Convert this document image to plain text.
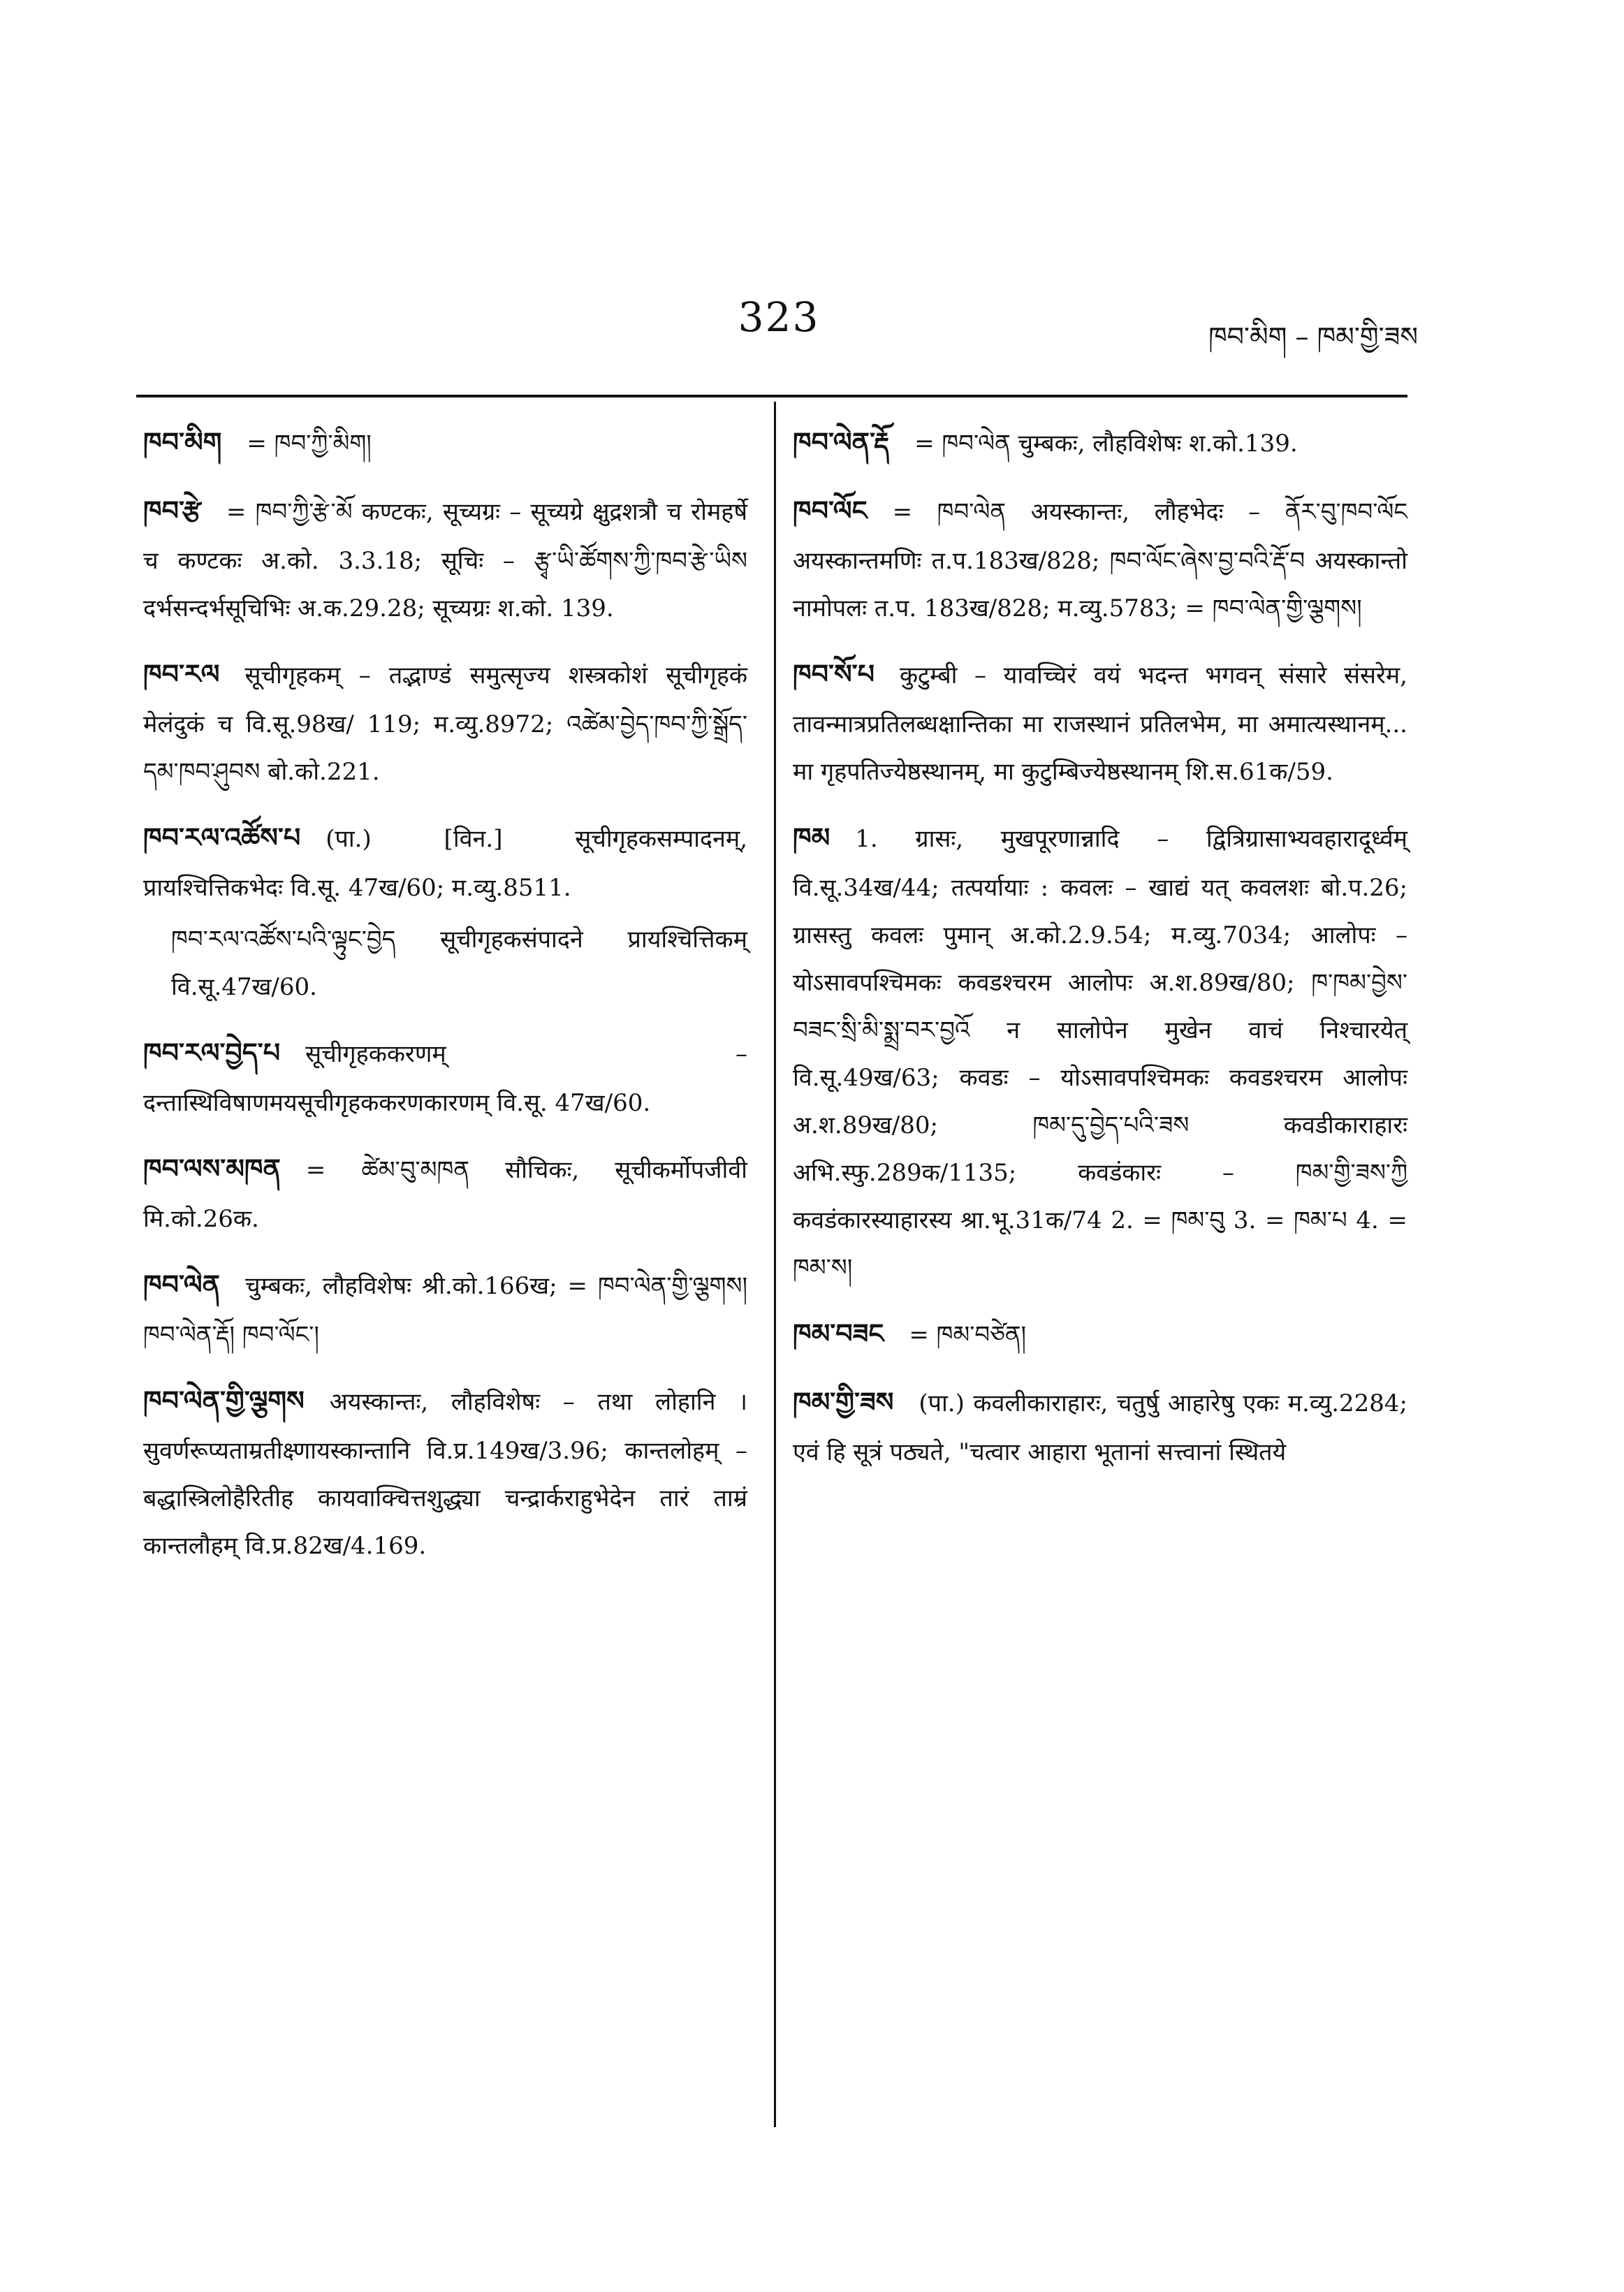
323	ཁབ་མིག – ཁམ་གྱི་ཟས
ཁབ་མིག = ཁབ་ཀྱི་མིག།
ཁབ་རྩེ = ཁབ་ཀྱི་རྩེ་མོ कण्टकः, सूच्यग्रः – सूच्यग्रे क्षुद्रशत्रौ च रोमहर्षे च कण्टकः अ.को. 3.3.18; सूचिः – རྩྭ་ཡི་ཚོགས་ཀྱི་ཁབ་རྩེ་ཡིས दर्भसन्दर्भसूचिभिः अ.क.29.28; सूच्यग्रः श.को. 139.
ཁབ་རལ सूचीगृहकम् – तद्भाण्डं समुत्सृज्य शस्त्रकोशं सूचीगृहकं मेलंदुकं च वि.सू.98ख/ 119; म.व्यु.8972; འཚེམ་བྱེད་ཁབ་ཀྱི་སྒྲོད་དམ་ཁབ་ཤུབས बो.को.221.
ཁབ་རལ་འཚོས་པ (पा.) [विन.] सूचीगृहकसम्पादनम्, प्रायश्चित्तिकभेदः वि.सू. 47ख/60; म.व्यु.8511.
ཁབ་རལ་འཚོས་པའི་ལྟུང་བྱེད सूचीगृहकसंपादने प्रायश्चित्तिकम् वि.सू.47ख/60.
ཁབ་རལ་བྱེད་པ सूचीगृहककरणम् – दन्तास्थिविषाणमयसूचीगृहककरणकारणम् वि.सू. 47ख/60.
ཁབ་ལས་མཁན = ཚེམ་བུ་མཁན सौचिकः, सूचीकर्मोपजीवी मि.को.26क.
ཁབ་ལེན चुम्बकः, लौहविशेषः श्री.को.166ख; = ཁབ་ལེན་གྱི་ལྕགས། ཁབ་ལེན་རྡོ། ཁབ་ལོང་།
ཁབ་ལེན་གྱི་ལྕགས अयस्कान्तः, लौहविशेषः – तथा लोहानि । सुवर्णरूप्यताम्रतीक्ष्णायस्कान्तानि वि.प्र.149ख/3.96; कान्तलोहम् – बद्धास्त्रिलोहैरितीह कायवाक्चित्तशुद्ध्या चन्द्रार्कराहुभेदेन तारं ताम्रं कान्तलौहम् वि.प्र.82ख/4.169.
ཁབ་ལེན་རྡོ = ཁབ་ལེན चुम्बकः, लौहविशेषः श.को.139.
ཁབ་ལོང = ཁབ་ལེན अयस्कान्तः, लौहभेदः – ནོར་བུ་ཁབ་ལོང अयस्कान्तमणिः त.प.183ख/828; ཁབ་ལོང་ཞེས་བྱ་བའི་རྡོ་བ अयस्कान्तो नामोपलः त.प. 183ख/828; म.व्यु.5783; = ཁབ་ལེན་གྱི་ལྕགས།
ཁབ་སོ་པ कुटुम्बी – यावच्चिरं वयं भदन्त भगवन् संसारे संसरेम, तावन्मात्रप्रतिलब्धक्षान्तिका मा राजस्थानं प्रतिलभेम, मा अमात्यस्थानम्... मा गृहपतिज्येष्ठस्थानम्, मा कुटुम्बिज्येष्ठस्थानम् शि.स.61क/59.
ཁམ 1. ग्रासः, मुखपूरणान्नादि – द्वित्रिग्रासाभ्यवहारादूर्ध्वम् वि.सू.34ख/44; तत्पर्यायाः : कवलः – खाद्यं यत् कवलशः बो.प.26; ग्रासस्तु कवलः पुमान् अ.को.2.9.54; म.व्यु.7034; आलोपः – योऽसावपश्चिमकः कवडश्चरम आलोपः अ.श.89ख/80; ཁ་ཁམ་བྱེས་བཟང་སྲི་མི་སྨྲ་བར་བྱའོ न सालोपेन मुखेन वाचं निश्चारयेत् वि.सू.49ख/63; कवडः – योऽसावपश्चिमकः कवडश्चरम आलोपः अ.श.89ख/80; ཁམ་དུ་བྱེད་པའི་ཟས कवडीकाराहारः अभि.स्फु.289क/1135; कवडंकारः – ཁམ་གྱི་ཟས་ཀྱི कवडंकारस्याहारस्य श्रा.भू.31क/74 2. = ཁམ་བུ 3. = ཁམ་པ 4. = ཁམ་ས།
ཁམ་བཟང = ཁམ་བཙེན།
ཁམ་གྱི་ཟས (पा.) कवलीकाराहारः, चतुर्षु आहारेषु एकः म.व्यु.2284; एवं हि सूत्रं पठ्यते, "चत्वार आहारा भूतानां सत्त्वानां स्थितये
